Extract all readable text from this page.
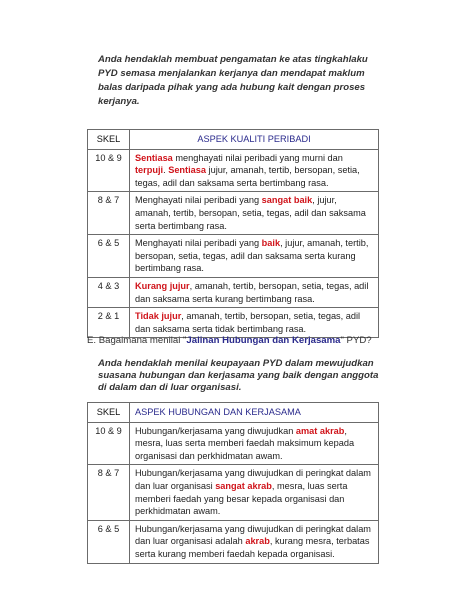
Anda hendaklah membuat pengamatan ke atas tingkahlaku PYD semasa menjalankan kerjanya dan mendapat maklum balas daripada pihak yang ada hubung kait dengan proses kerjanya.
SKEL	ASPEK KUALITI PERIBADI
10 & 9	Sentiasa menghayati nilai peribadi yang murni dan terpuji. Sentiasa jujur, amanah, tertib, bersopan, setia, tegas, adil dan saksama serta bertimbang rasa.
8 & 7	Menghayati nilai peribadi yang sangat baik, jujur, amanah, tertib, bersopan, setia, tegas, adil dan saksama serta bertimbang rasa.
6 & 5	Menghayati nilai peribadi yang baik, jujur, amanah, tertib, bersopan, setia, tegas, adil dan saksama serta kurang bertimbang rasa.
4 & 3	Kurang jujur, amanah, tertib, bersopan, setia, tegas, adil dan saksama serta kurang bertimbang rasa.
2 & 1	Tidak jujur, amanah, tertib, bersopan, setia, tegas, adil dan saksama serta tidak bertimbang rasa.
E. Bagaimana menilai "Jalinan Hubungan dan Kerjasama" PYD?
Anda hendaklah menilai keupayaan PYD dalam mewujudkan suasana hubungan dan kerjasama yang baik dengan anggota di dalam dan di luar organisasi.
SKEL	ASPEK HUBUNGAN DAN KERJASAMA
10 & 9	Hubungan/kerjasama yang diwujudkan amat akrab, mesra, luas serta memberi faedah maksimum kepada organisasi dan perkhidmatan awam.
8 & 7	Hubungan/kerjasama yang diwujudkan di peringkat dalam dan luar organisasi sangat akrab, mesra, luas serta memberi faedah yang besar kepada organisasi dan perkhidmatan awam.
6 & 5	Hubungan/kerjasama yang diwujudkan di peringkat dalam dan luar organisasi adalah akrab, kurang mesra, terbatas serta kurang memberi faedah kepada organisasi.
